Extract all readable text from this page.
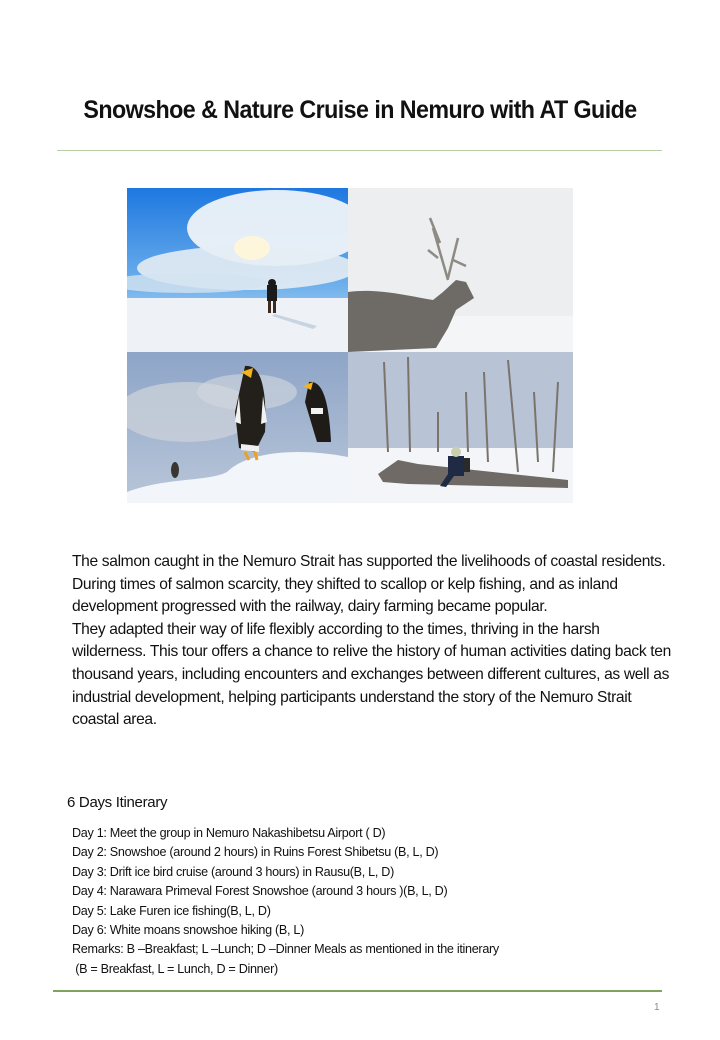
Snowshoe & Nature Cruise in Nemuro with AT Guide

The salmon caught in the Nemuro Strait has supported the livelihoods of coastal residents. During times of salmon scarcity, they shifted to scallop or kelp fishing, and as inland development progressed with the railway, dairy farming became popular.

They adapted their way of life flexibly according to the times, thriving in the harsh wilderness. This tour offers a chance to relive the history of human activities dating back ten thousand years, including encounters and exchanges between different cultures, as well as industrial development, helping participants understand the story of the Nemuro Strait coastal area.

6 Days Itinerary
Day 1: Meet the group in Nemuro Nakashibetsu Airport ( D)
Day 2: Snowshoe (around 2 hours) in Ruins Forest Shibetsu (B, L, D)
Day 3: Drift ice bird cruise (around 3 hours) in Rausu(B, L, D)
Day 4: Narawara Primeval Forest Snowshoe (around 3 hours )(B, L, D)
Day 5: Lake Furen ice fishing(B, L, D)
Day 6: White moans snowshoe hiking (B, L)
Remarks: B –Breakfast; L –Lunch; D –Dinner Meals as mentioned in the itinerary
(B = Breakfast, L = Lunch, D = Dinner)
1
